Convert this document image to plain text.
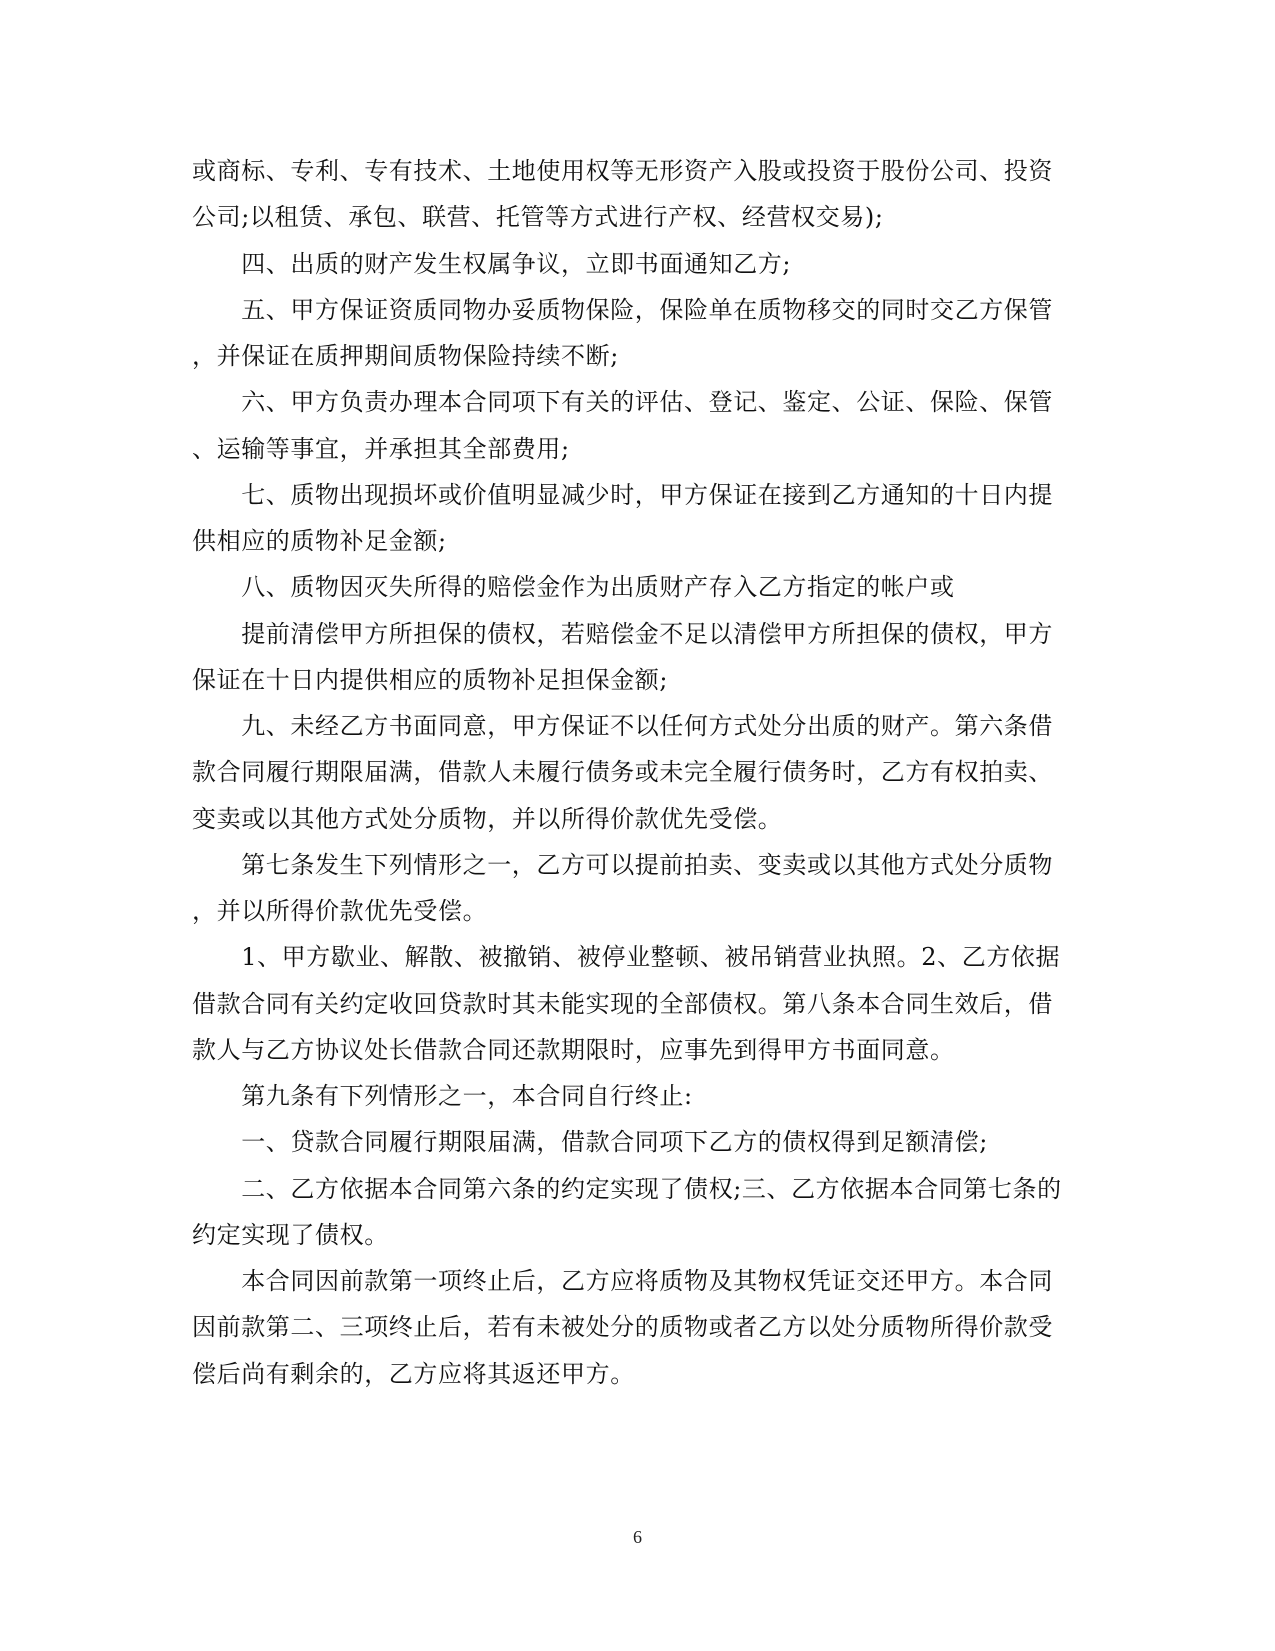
或商标、专利、专有技术、土地使用权等无形资产入股或投资于股份公司、投资
公司;以租赁、承包、联营、托管等方式进行产权、经营权交易);
　　四、出质的财产发生权属争议，立即书面通知乙方;
　　五、甲方保证资质同物办妥质物保险，保险单在质物移交的同时交乙方保管
，并保证在质押期间质物保险持续不断;
　　六、甲方负责办理本合同项下有关的评估、登记、鉴定、公证、保险、保管
、运输等事宜，并承担其全部费用;
　　七、质物出现损坏或价值明显减少时，甲方保证在接到乙方通知的十日内提
供相应的质物补足金额;
　　八、质物因灭失所得的赔偿金作为出质财产存入乙方指定的帐户或
　　提前清偿甲方所担保的债权，若赔偿金不足以清偿甲方所担保的债权，甲方
保证在十日内提供相应的质物补足担保金额;
　　九、未经乙方书面同意，甲方保证不以任何方式处分出质的财产。第六条借
款合同履行期限届满，借款人未履行债务或未完全履行债务时，乙方有权拍卖、
变卖或以其他方式处分质物，并以所得价款优先受偿。
　　第七条发生下列情形之一，乙方可以提前拍卖、变卖或以其他方式处分质物
，并以所得价款优先受偿。
　　1、甲方歇业、解散、被撤销、被停业整顿、被吊销营业执照。2、乙方依据
借款合同有关约定收回贷款时其未能实现的全部债权。第八条本合同生效后，借
款人与乙方协议处长借款合同还款期限时，应事先到得甲方书面同意。
　　第九条有下列情形之一，本合同自行终止:
　　一、贷款合同履行期限届满，借款合同项下乙方的债权得到足额清偿;
　　二、乙方依据本合同第六条的约定实现了债权;三、乙方依据本合同第七条的
约定实现了债权。
　　本合同因前款第一项终止后，乙方应将质物及其物权凭证交还甲方。本合同
因前款第二、三项终止后，若有未被处分的质物或者乙方以处分质物所得价款受
偿后尚有剩余的，乙方应将其返还甲方。
6
